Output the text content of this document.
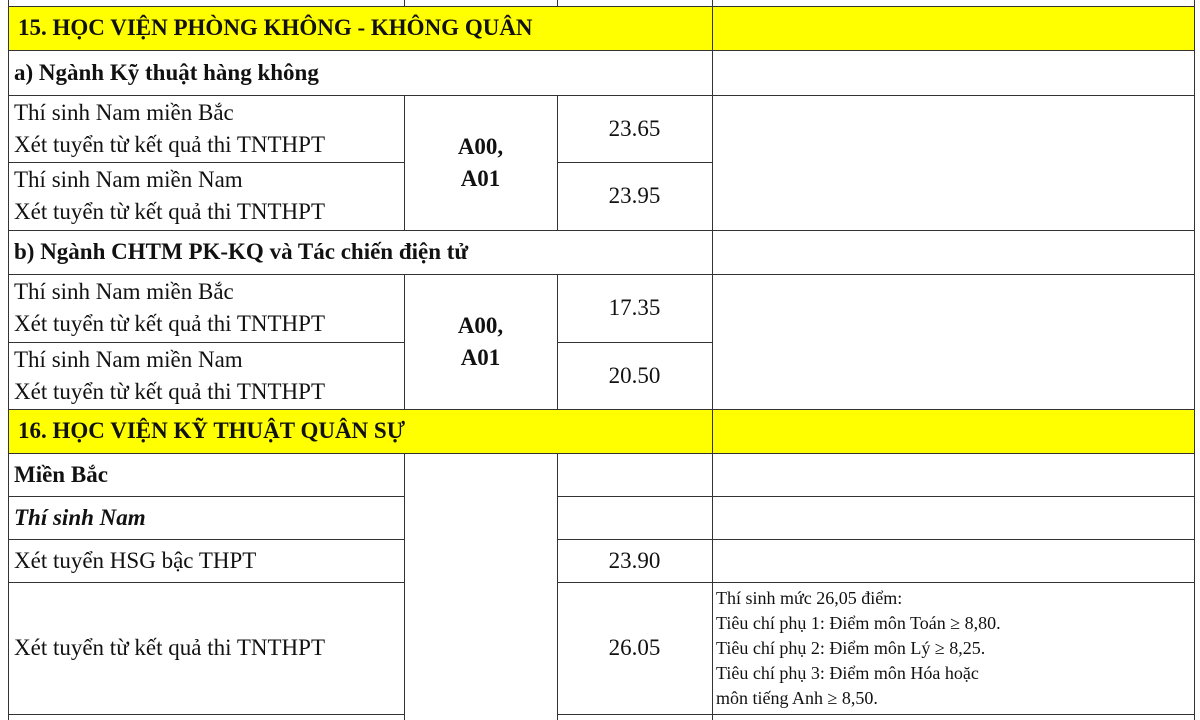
15. HỌC VIỆN PHÒNG KHÔNG - KHÔNG QUÂN
a) Ngành Kỹ thuật hàng không
Thí sinh Nam miền Bắc
Xét tuyển từ kết quả thi TNTHPT
23.65
Thí sinh Nam miền Nam
Xét tuyển từ kết quả thi TNTHPT
23.95
A00,
A01
b) Ngành CHTM PK-KQ và Tác chiến điện tử
Thí sinh Nam miền Bắc
Xét tuyển từ kết quả thi TNTHPT
17.35
Thí sinh Nam miền Nam
Xét tuyển từ kết quả thi TNTHPT
20.50
A00,
A01
16. HỌC VIỆN KỸ THUẬT QUÂN SỰ
Miền Bắc
Thí sinh Nam
Xét tuyển HSG bậc THPT	23.90
Xét tuyển từ kết quả thi TNTHPT	26.05
Thí sinh mức 26,05 điểm:
Tiêu chí phụ 1: Điểm môn Toán ≥ 8,80.
Tiêu chí phụ 2: Điểm môn Lý ≥ 8,25.
Tiêu chí phụ 3: Điểm môn Hóa hoặc
môn tiếng Anh ≥ 8,50.
